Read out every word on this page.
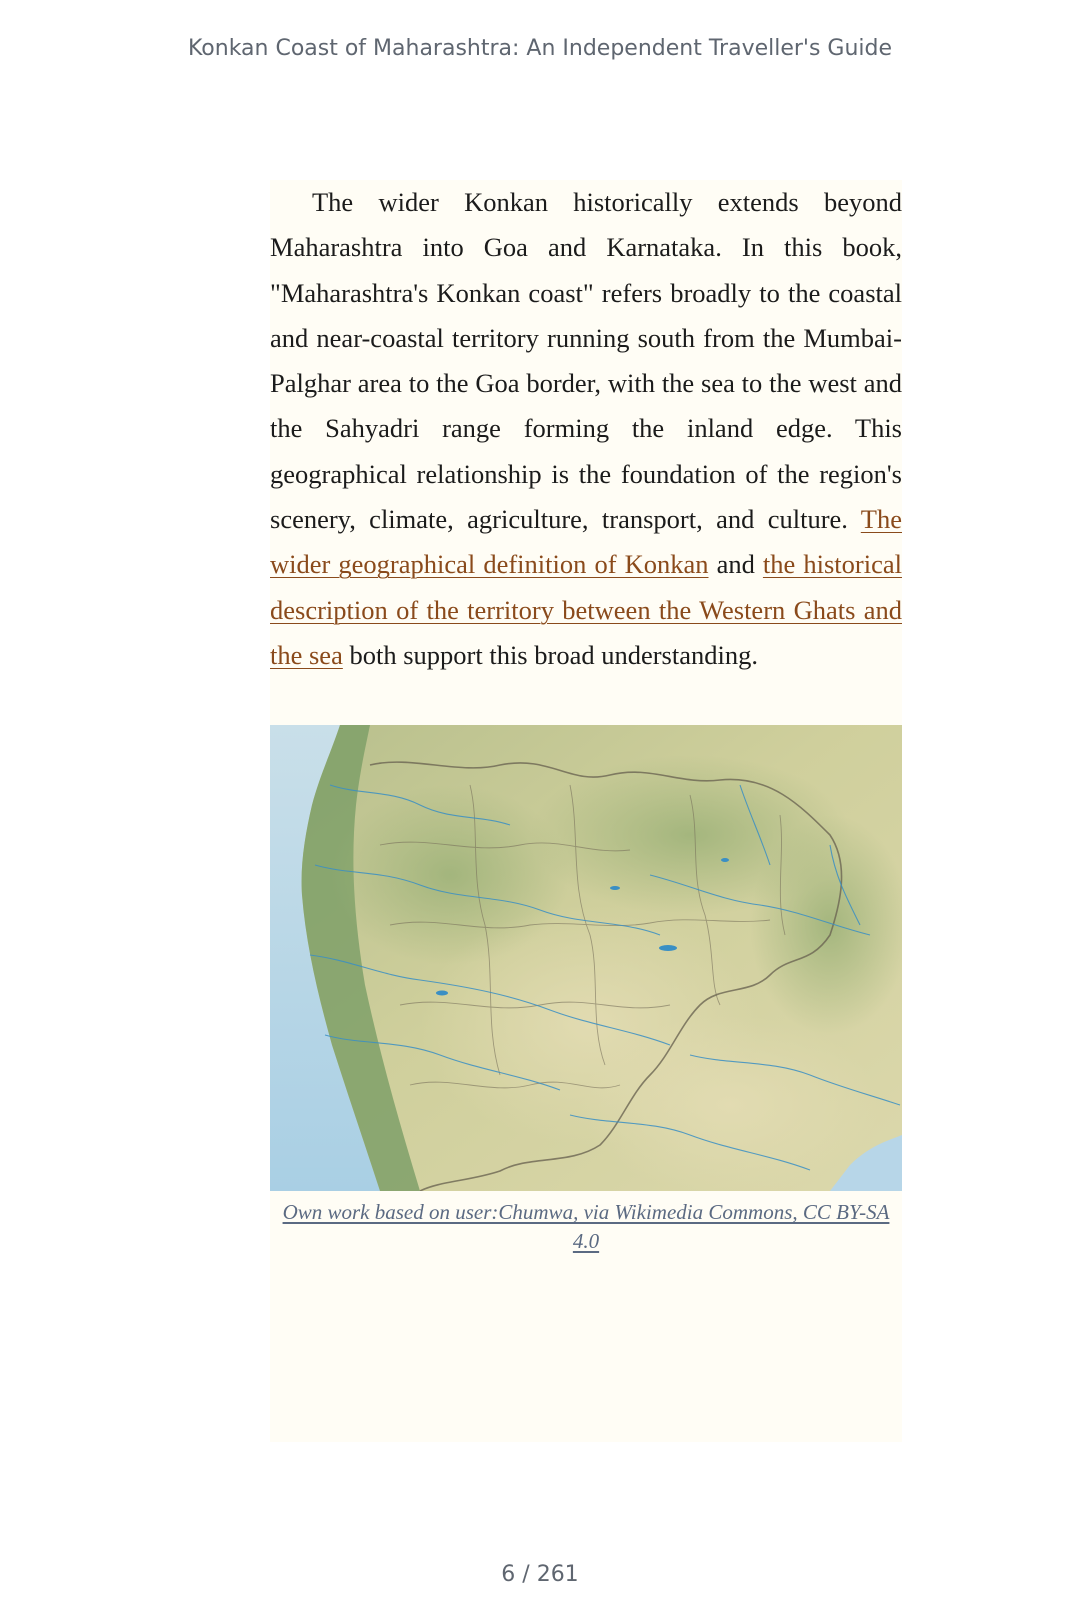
Konkan Coast of Maharashtra: An Independent Traveller's Guide

The wider Konkan historically extends beyond Maharashtra into Goa and Karnataka. In this book, "Maharashtra's Konkan coast" refers broadly to the coastal and near-coastal territory running south from the Mumbai-Palghar area to the Goa border, with the sea to the west and the Sahyadri range forming the inland edge. This geographical relationship is the foundation of the region's scenery, climate, agriculture, transport, and culture. The wider geographical definition of Konkan and the historical description of the territory between the Western Ghats and the sea both support this broad understanding.

Own work based on user:Chumwa, via Wikimedia Commons, CC BY-SA 4.0
6 / 261
